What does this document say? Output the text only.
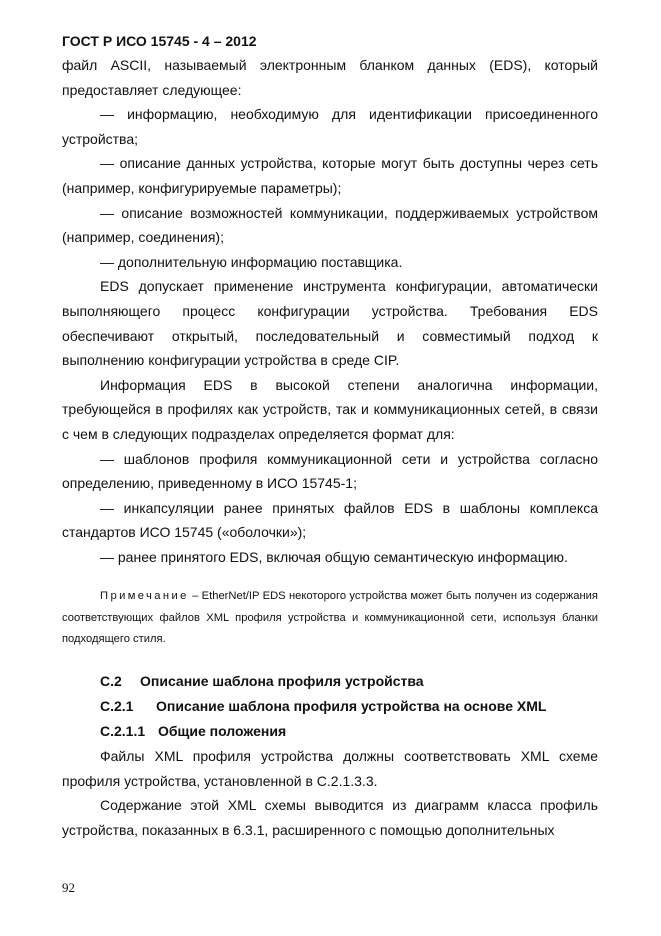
ГОСТ Р ИСО 15745 - 4 – 2012

файл ASCII, называемый электронным бланком данных (EDS), который предоставляет следующее:

— информацию, необходимую для идентификации присоединенного устройства;

— описание данных устройства, которые могут быть доступны через сеть (например, конфигурируемые параметры);

— описание возможностей коммуникации, поддерживаемых устройством (например, соединения);

— дополнительную информацию поставщика.

EDS допускает применение инструмента конфигурации, автоматически выполняющего процесс конфигурации устройства. Требования EDS обеспечивают открытый, последовательный и совместимый подход к выполнению конфигурации устройства в среде CIP.

Информация EDS в высокой степени аналогична информации, требующейся в профилях как устройств, так и коммуникационных сетей, в связи с чем в следующих подразделах определяется формат для:

— шаблонов профиля коммуникационной сети и устройства согласно определению, приведенному в ИСО 15745-1;

— инкапсуляции ранее принятых файлов EDS в шаблоны комплекса стандартов ИСО 15745 («оболочки»);

— ранее принятого EDS, включая общую семантическую информацию.

Примечание – EtherNet/IP EDS некоторого устройства может быть получен из содержания соответствующих файлов XML профиля устройства и коммуникационной сети, используя бланки подходящего стиля.

С.2 Описание шаблона профиля устройства
С.2.1 Описание шаблона профиля устройства на основе XML
С.2.1.1 Общие положения

Файлы XML профиля устройства должны соответствовать XML схеме профиля устройства, установленной в С.2.1.3.3.

Содержание этой XML схемы выводится из диаграмм класса профиль устройства, показанных в 6.3.1, расширенного с помощью дополнительных

92
